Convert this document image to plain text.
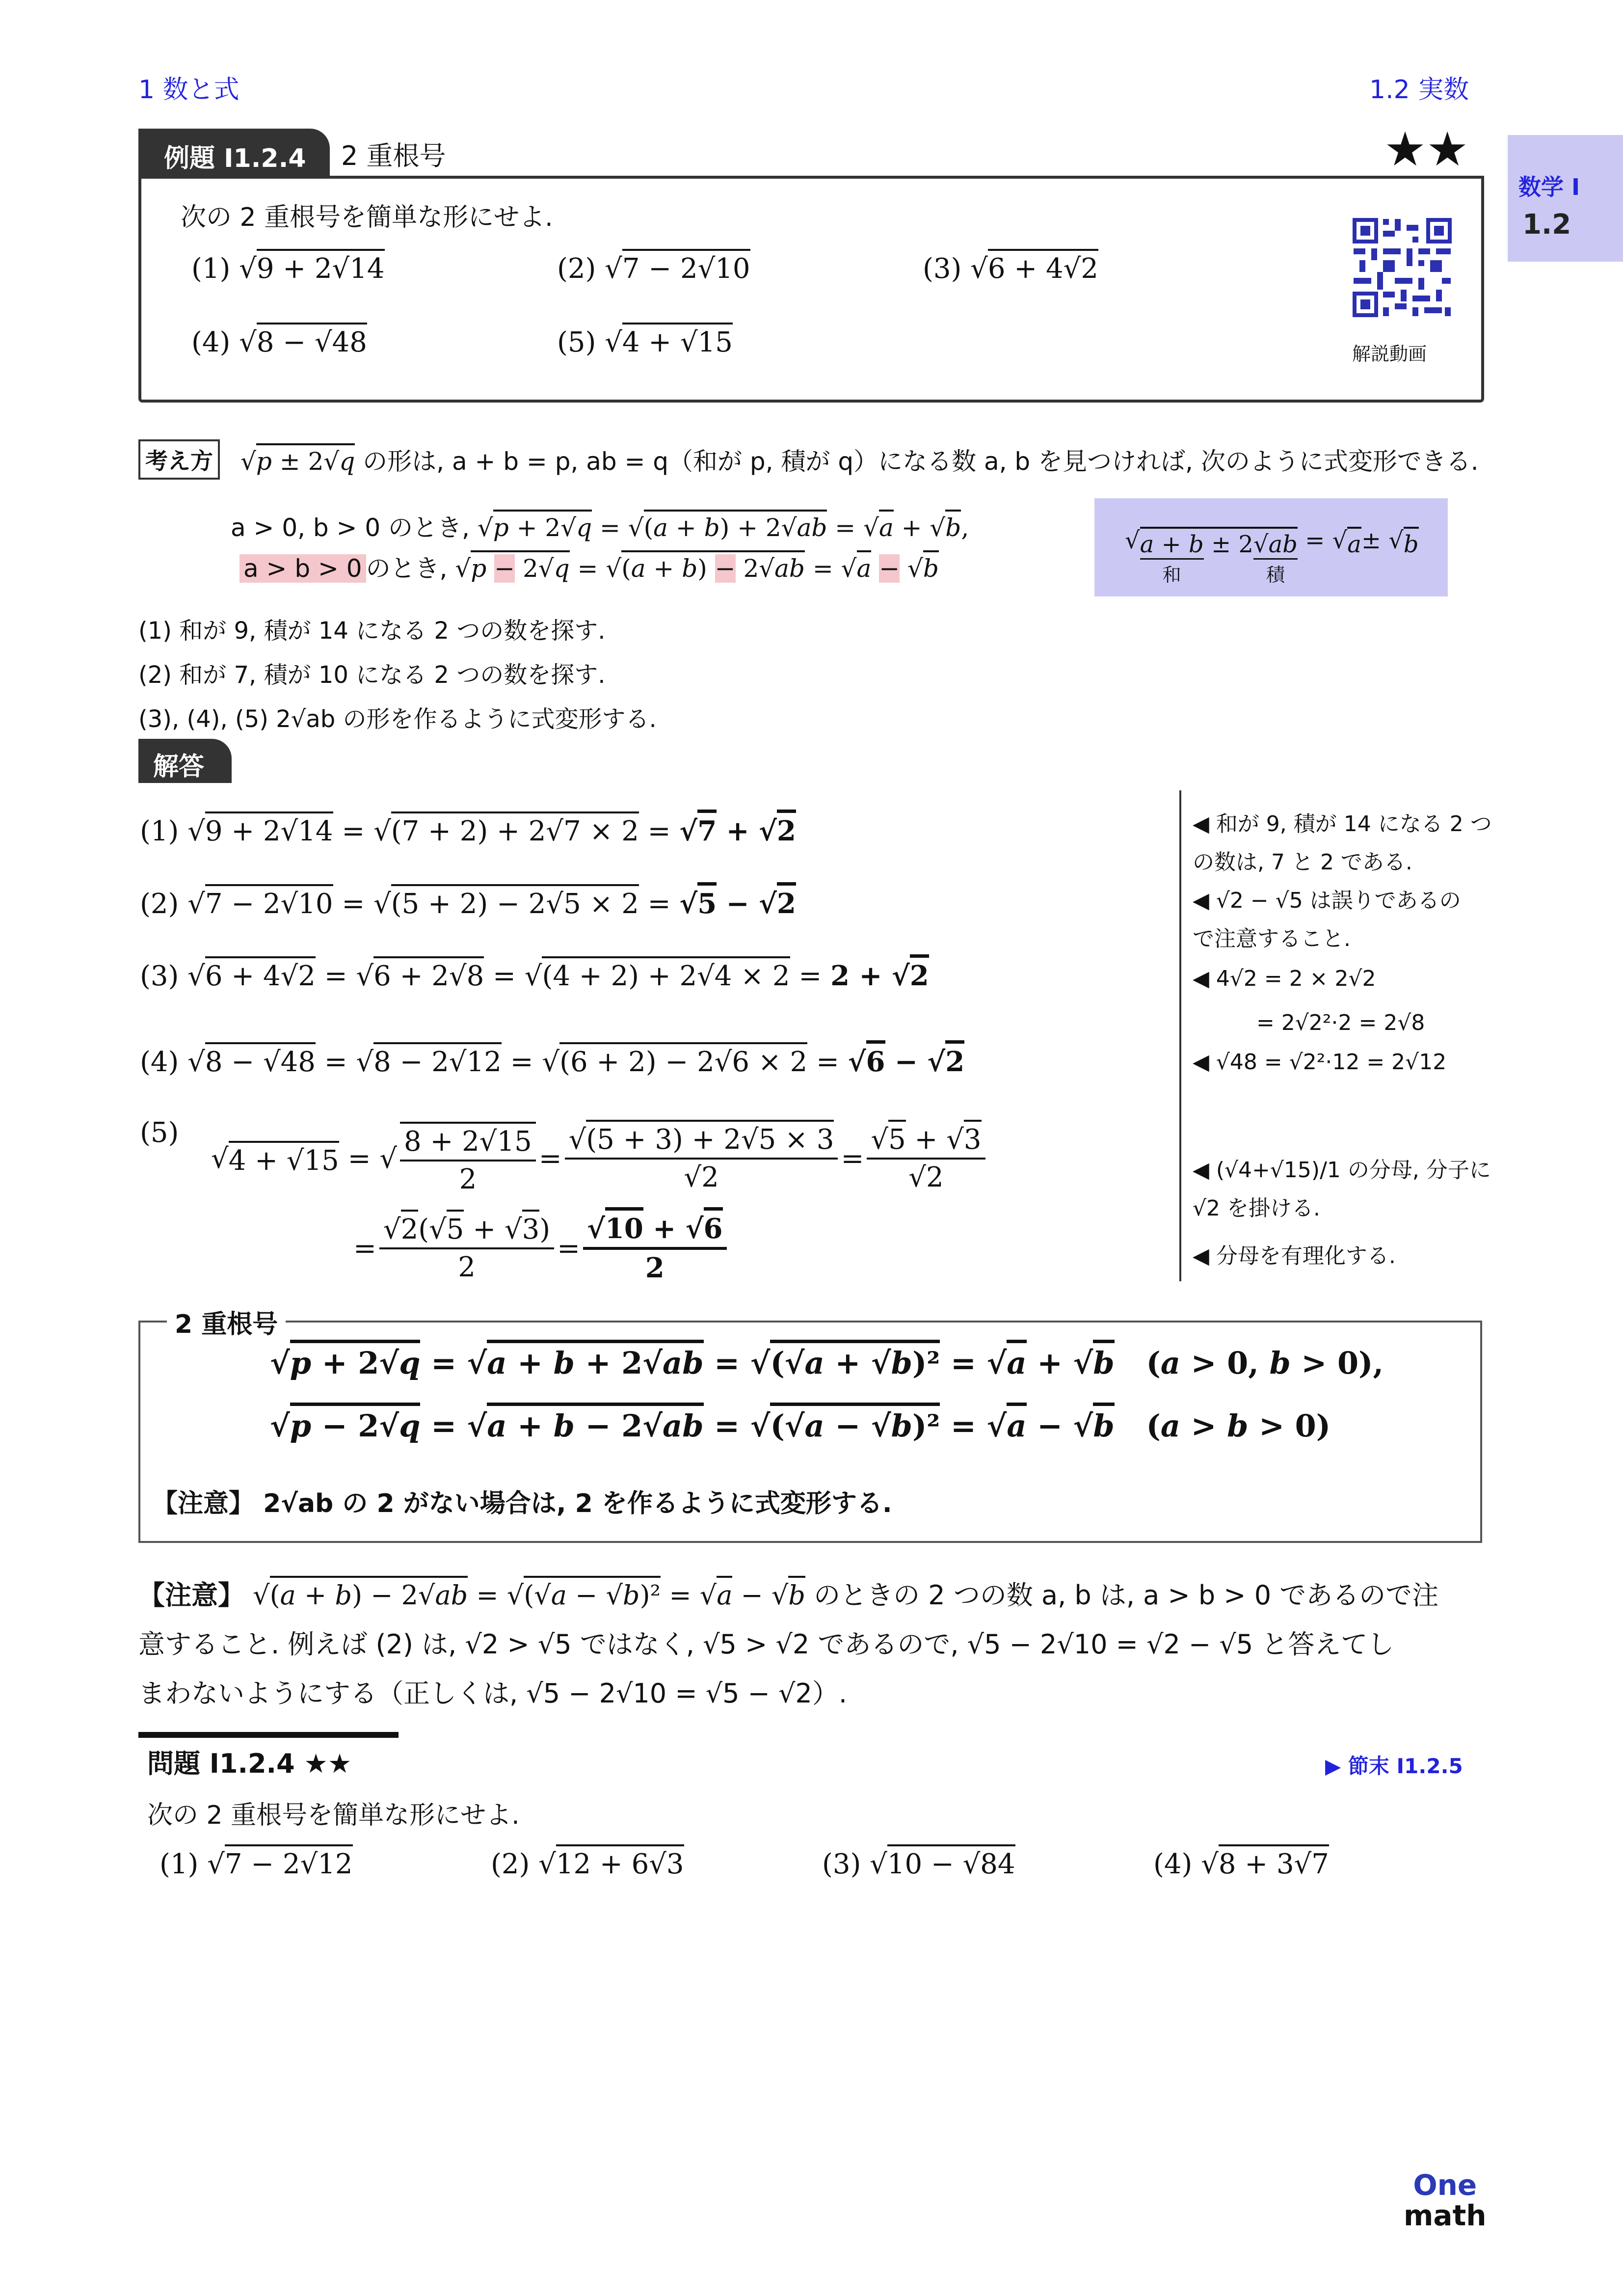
1 数と式	1.2 実数
数学 I
1.2
例題 I1.2.4 2 重根号	★★
次の 2 重根号を簡単な形にせよ.
(1) √9 + 2√14	(2) √7 − 2√10	(3) √6 + 4√2
(4) √8 − √48	(5) √4 + √15	解説動画
考え方 √p ± 2√q の形は, a + b = p, ab = q（和が p, 積が q）になる数 a, b を見つければ, 次のように式変形できる.
a > 0, b > 0 のとき, √p + 2√q = √(a + b) + 2√ab = √a + √b,
a > b > 0 のとき, √p − 2√q = √(a + b) − 2√ab = √a − √b
√ a + b
和
± 2 √ab
積
= √ a ± √ b
(1) 和が 9, 積が 14 になる 2 つの数を探す.
(2) 和が 7, 積が 10 になる 2 つの数を探す.
(3), (4), (5) 2√ab の形を作るように式変形する.
解答
(1) √9 + 2√14 = √(7 + 2) + 2√7 × 2 = √7 + √2
(2) √7 − 2√10 = √(5 + 2) − 2√5 × 2 = √5 − √2
(3) √6 + 4√2 = √6 + 2√8 = √(4 + 2) + 2√4 × 2 = 2 + √2
(4) √8 − √48 = √8 − 2√12 = √(6 + 2) − 2√6 × 2 = √6 − √2
(5)
√ 4 + √15 = √ $\frac{8 + 2√15}{2} = \frac{√(5 + 3) + 2√5 \times 3}{√2} = \frac{√5 + √3}{√2}$
= $\frac{√2(√5 + √3)}{2} = \frac{√10 + √6}{2}$
◀ 和が 9, 積が 14 になる 2 つ
の数は, 7 と 2 である.
◀ √2 − √5 は誤りであるの
で注意すること.
◀ 4√2 = 2 × 2√2
= 2√2²·2 = 2√8
◀ √48 = √2²·12 = 2√12
◀ (√4+√15)/1 の分母, 分子に
√2 を掛ける.
◀ 分母を有理化する.
2 重根号
√p + 2√q = √a + b + 2√ab = √(√a + √b)² = √a + √b   (a > 0, b > 0),
√p − 2√q = √a + b − 2√ab = √(√a − √b)² = √a − √b   (a > b > 0)
【注意】 2√ab の 2 がない場合は, 2 を作るように式変形する.
【注意】 √(a + b) − 2√ab = √(√a − √b)² = √a − √b のときの 2 つの数 a, b は, a > b > 0 であるので注
意すること. 例えば (2) は, √2 > √5 ではなく, √5 > √2 であるので, √5 − 2√10 = √2 − √5 と答えてし
まわないようにする（正しくは, √5 − 2√10 = √5 − √2）.
問題 I1.2.4 ★★	▶ 節末 I1.2.5
次の 2 重根号を簡単な形にせよ.
(1) √7 − 2√12	(2) √12 + 6√3	(3) √10 − √84	(4) √8 + 3√7
One
math
